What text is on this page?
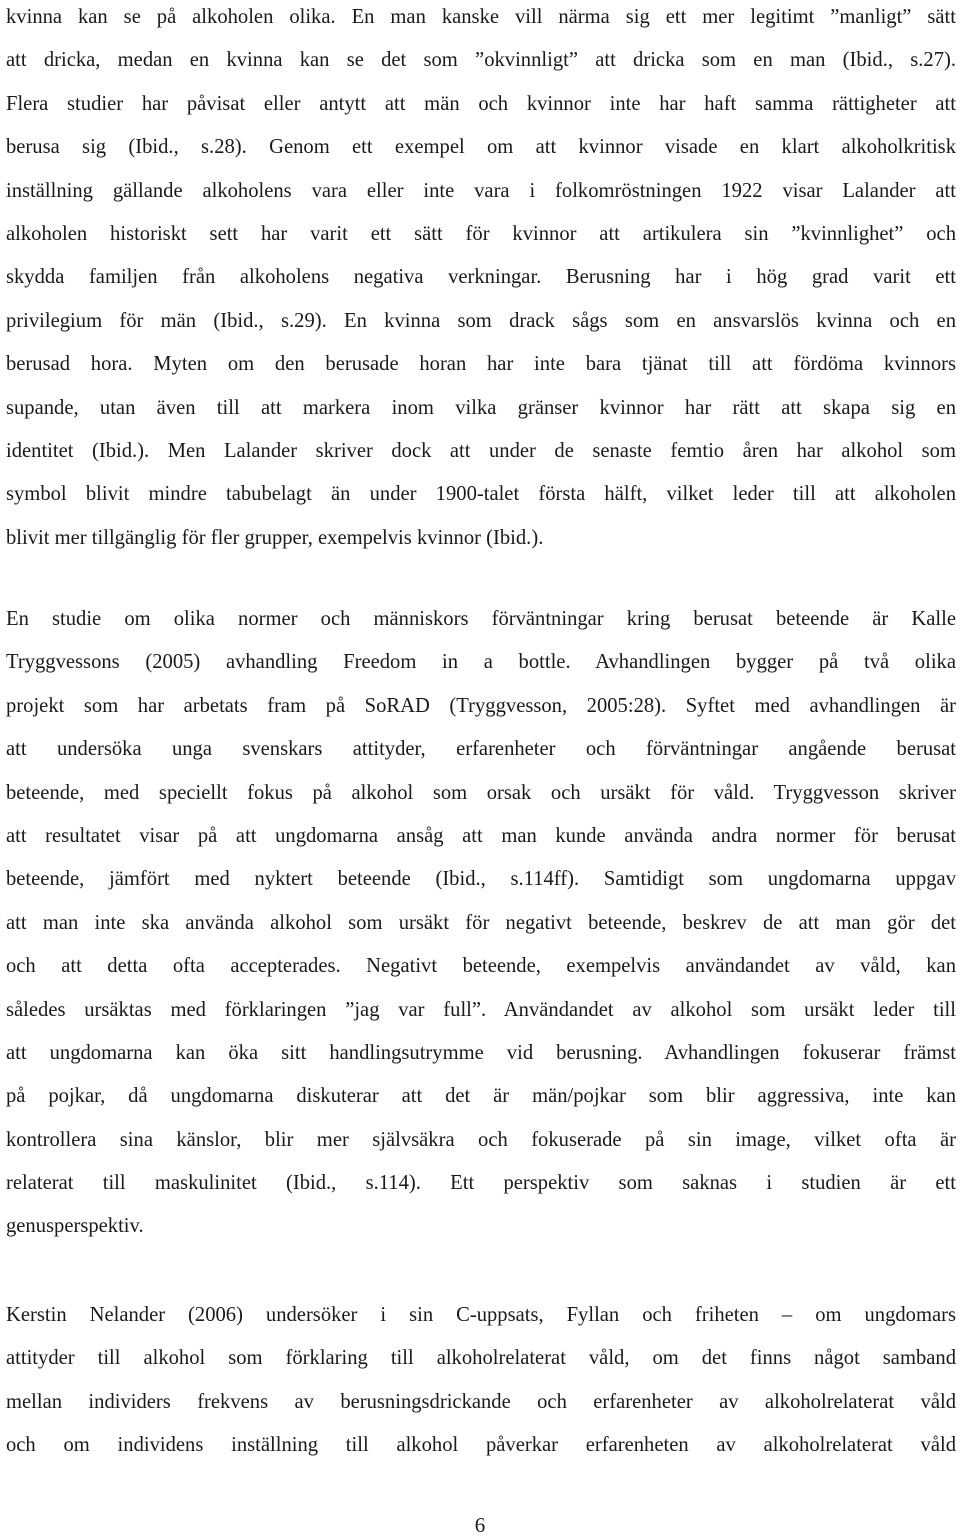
kvinna kan se på alkoholen olika. En man kanske vill närma sig ett mer legitimt ”manligt” sätt
att dricka, medan en kvinna kan se det som ”okvinnligt” att dricka som en man (Ibid., s.27).
Flera studier har påvisat eller antytt att män och kvinnor inte har haft samma rättigheter att
berusa sig (Ibid., s.28). Genom ett exempel om att kvinnor visade en klart alkoholkritisk
inställning gällande alkoholens vara eller inte vara i folkomröstningen 1922 visar Lalander att
alkoholen historiskt sett har varit ett sätt för kvinnor att artikulera sin ”kvinnlighet” och
skydda familjen från alkoholens negativa verkningar. Berusning har i hög grad varit ett
privilegium för män (Ibid., s.29). En kvinna som drack sågs som en ansvarslös kvinna och en
berusad hora. Myten om den berusade horan har inte bara tjänat till att fördöma kvinnors
supande, utan även till att markera inom vilka gränser kvinnor har rätt att skapa sig en
identitet (Ibid.). Men Lalander skriver dock att under de senaste femtio åren har alkohol som
symbol blivit mindre tabubelagt än under 1900-talet första hälft, vilket leder till att alkoholen
blivit mer tillgänglig för fler grupper, exempelvis kvinnor (Ibid.).
En studie om olika normer och människors förväntningar kring berusat beteende är Kalle
Tryggvessons (2005) avhandling Freedom in a bottle. Avhandlingen bygger på två olika
projekt som har arbetats fram på SoRAD (Tryggvesson, 2005:28). Syftet med avhandlingen är
att undersöka unga svenskars attityder, erfarenheter och förväntningar angående berusat
beteende, med speciellt fokus på alkohol som orsak och ursäkt för våld. Tryggvesson skriver
att resultatet visar på att ungdomarna ansåg att man kunde använda andra normer för berusat
beteende, jämfört med nyktert beteende (Ibid., s.114ff). Samtidigt som ungdomarna uppgav
att man inte ska använda alkohol som ursäkt för negativt beteende, beskrev de att man gör det
och att detta ofta accepterades. Negativt beteende, exempelvis användandet av våld, kan
således ursäktas med förklaringen ”jag var full”. Användandet av alkohol som ursäkt leder till
att ungdomarna kan öka sitt handlingsutrymme vid berusning. Avhandlingen fokuserar främst
på pojkar, då ungdomarna diskuterar att det är män/pojkar som blir aggressiva, inte kan
kontrollera sina känslor, blir mer självsäkra och fokuserade på sin image, vilket ofta är
relaterat till maskulinitet (Ibid., s.114). Ett perspektiv som saknas i studien är ett
genusperspektiv.
Kerstin Nelander (2006) undersöker i sin C-uppsats, Fyllan och friheten – om ungdomars
attityder till alkohol som förklaring till alkoholrelaterat våld, om det finns något samband
mellan individers frekvens av berusningsdrickande och erfarenheter av alkoholrelaterat våld
och om individens inställning till alkohol påverkar erfarenheten av alkoholrelaterat våld
6
